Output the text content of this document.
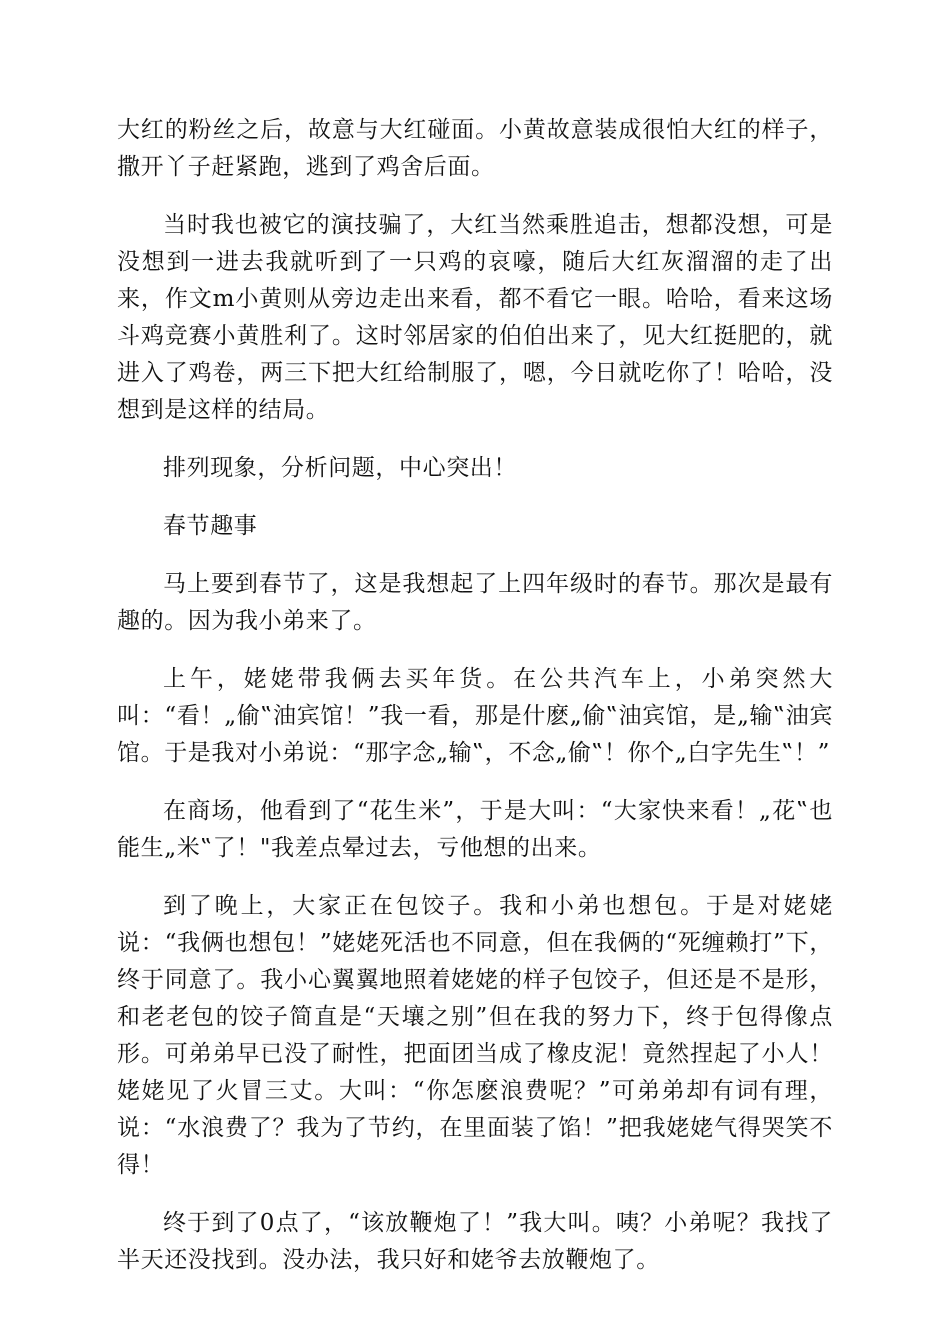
大红的粉丝之后，故意与大红碰面。小黄故意装成很怕大红的样子，撒开丫子赶紧跑，逃到了鸡舍后面。

当时我也被它的演技骗了，大红当然乘胜追击，想都没想，可是没想到一进去我就听到了一只鸡的哀嚎，随后大红灰溜溜的走了出来，作文m小黄则从旁边走出来看，都不看它一眼。哈哈，看来这场斗鸡竞赛小黄胜利了。这时邻居家的伯伯出来了，见大红挺肥的，就进入了鸡卷，两三下把大红给制服了，嗯，今日就吃你了！哈哈，没想到是这样的结局。

排列现象，分析问题，中心突出！

春节趣事

马上要到春节了，这是我想起了上四年级时的春节。那次是最有趣的。因为我小弟来了。

上午，姥姥带我俩去买年货。在公共汽车上，小弟突然大叫：“看！„偷‟油宾馆！”我一看，那是什麽„偷‟油宾馆，是„输‟油宾馆。于是我对小弟说：“那字念„输‟，不念„偷‟！你个„白字先生‟！”

在商场，他看到了“花生米”，于是大叫：“大家快来看！„花‟也能生„米‟了！"我差点晕过去，亏他想的出来。

到了晚上，大家正在包饺子。我和小弟也想包。于是对姥姥说：“我俩也想包！”姥姥死活也不同意，但在我俩的“死缠赖打”下，终于同意了。我小心翼翼地照着姥姥的样子包饺子，但还是不是形，和老老包的饺子简直是“天壤之别”但在我的努力下，终于包得像点形。可弟弟早已没了耐性，把面团当成了橡皮泥！竟然捏起了小人！姥姥见了火冒三丈。大叫：“你怎麽浪费呢？”可弟弟却有词有理，说：“水浪费了？我为了节约，在里面装了馅！”把我姥姥气得哭笑不得！

终于到了0点了，“该放鞭炮了！”我大叫。咦？小弟呢？我找了半天还没找到。没办法，我只好和姥爷去放鞭炮了。
